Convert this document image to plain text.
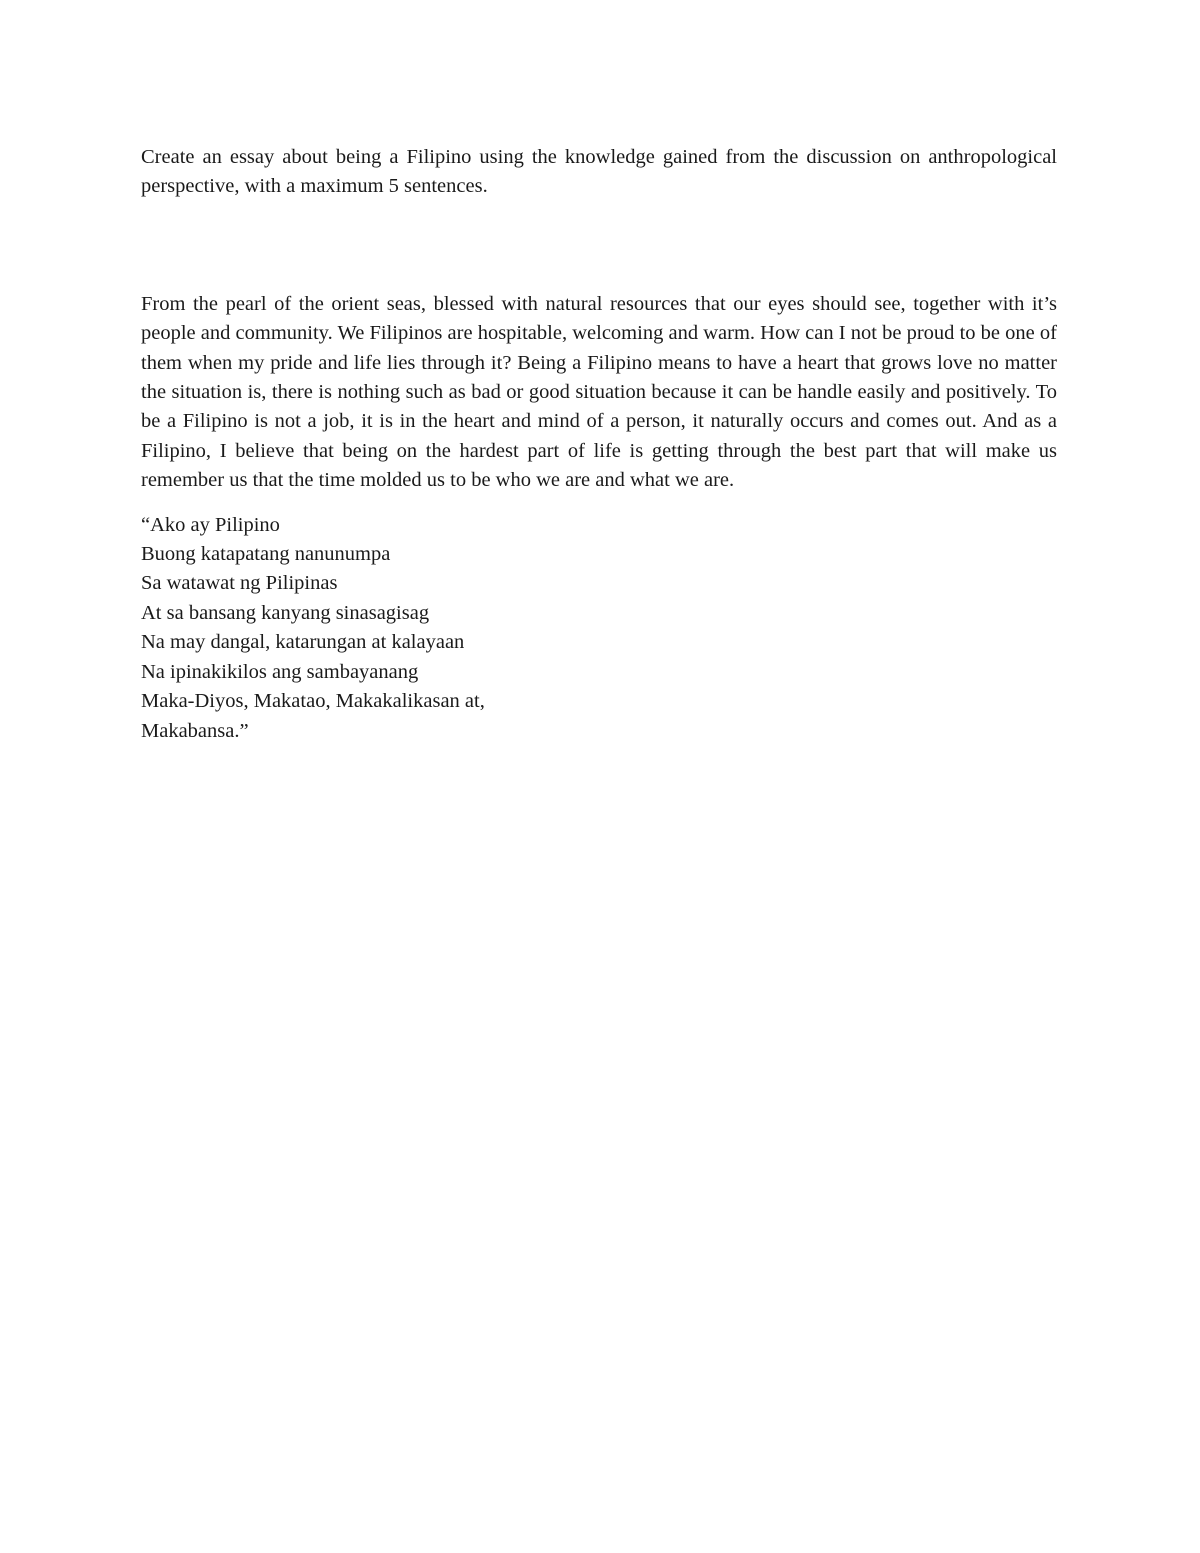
Create an essay about being a Filipino using the knowledge gained from the discussion on anthropological perspective, with a maximum 5 sentences.

From the pearl of the orient seas, blessed with natural resources that our eyes should see, together with it’s people and community. We Filipinos are hospitable, welcoming and warm. How can I not be proud to be one of them when my pride and life lies through it? Being a Filipino means to have a heart that grows love no matter the situation is, there is nothing such as bad or good situation because it can be handle easily and positively. To be a Filipino is not a job, it is in the heart and mind of a person, it naturally occurs and comes out. And as a Filipino, I believe that being on the hardest part of life is getting through the best part that will make us remember us that the time molded us to be who we are and what we are.

“Ako ay Pilipino
Buong katapatang nanunumpa
Sa watawat ng Pilipinas
At sa bansang kanyang sinasagisag
Na may dangal, katarungan at kalayaan
Na ipinakikilos ang sambayanang
Maka-Diyos, Makatao, Makakalikasan at,
Makabansa.”
